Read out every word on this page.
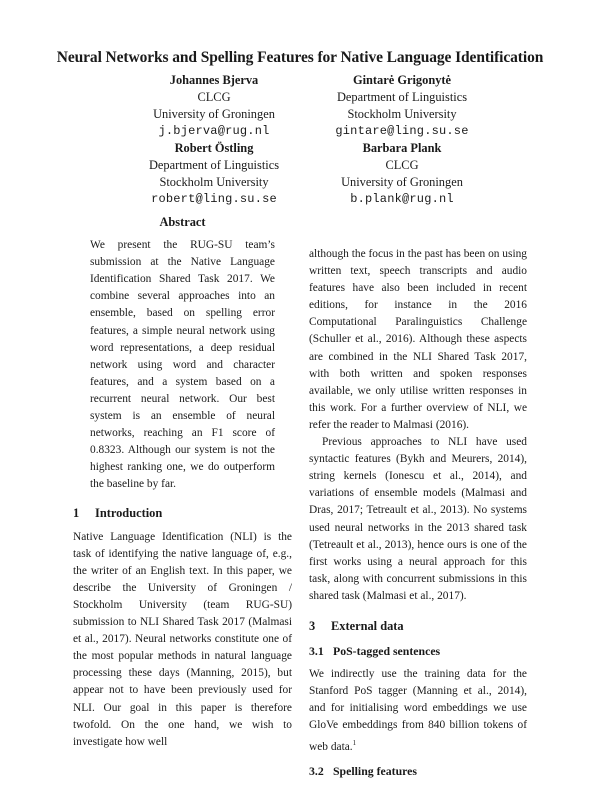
Neural Networks and Spelling Features for Native Language Identification
Johannes Bjerva
CLCG
University of Groningen
j.bjerva@rug.nl
Gintarė Grigonytė
Department of Linguistics
Stockholm University
gintare@ling.su.se
Robert Östling
Department of Linguistics
Stockholm University
robert@ling.su.se
Barbara Plank
CLCG
University of Groningen
b.plank@rug.nl
Abstract

We present the RUG-SU team’s submission at the Native Language Identification Shared Task 2017. We combine several approaches into an ensemble, based on spelling error features, a simple neural network using word representations, a deep residual network using word and character features, and a system based on a recurrent neural network. Our best system is an ensemble of neural networks, reaching an F1 score of 0.8323. Although our system is not the highest ranking one, we do outperform the baseline by far.

1 Introduction

Native Language Identification (NLI) is the task of identifying the native language of, e.g., the writer of an English text. In this paper, we describe the University of Groningen / Stockholm University (team RUG-SU) submission to NLI Shared Task 2017 (Malmasi et al., 2017). Neural networks constitute one of the most popular methods in natural language processing these days (Manning, 2015), but appear not to have been previously used for NLI. Our goal in this paper is therefore twofold. On the one hand, we wish to investigate how well

although the focus in the past has been on using written text, speech transcripts and audio features have also been included in recent editions, for instance in the 2016 Computational Paralinguistics Challenge (Schuller et al., 2016). Although these aspects are combined in the NLI Shared Task 2017, with both written and spoken responses available, we only utilise written responses in this work. For a further overview of NLI, we refer the reader to Malmasi (2016).

Previous approaches to NLI have used syntactic features (Bykh and Meurers, 2014), string kernels (Ionescu et al., 2014), and variations of ensemble models (Malmasi and Dras, 2017; Tetreault et al., 2013). No systems used neural networks in the 2013 shared task (Tetreault et al., 2013), hence ours is one of the first works using a neural approach for this task, along with concurrent submissions in this shared task (Malmasi et al., 2017).

3 External data
3.1 PoS-tagged sentences

We indirectly use the training data for the Stanford PoS tagger (Manning et al., 2014), and for initialising word embeddings we use GloVe embeddings from 840 billion tokens of web data.$^1$

3.2 Spelling features
